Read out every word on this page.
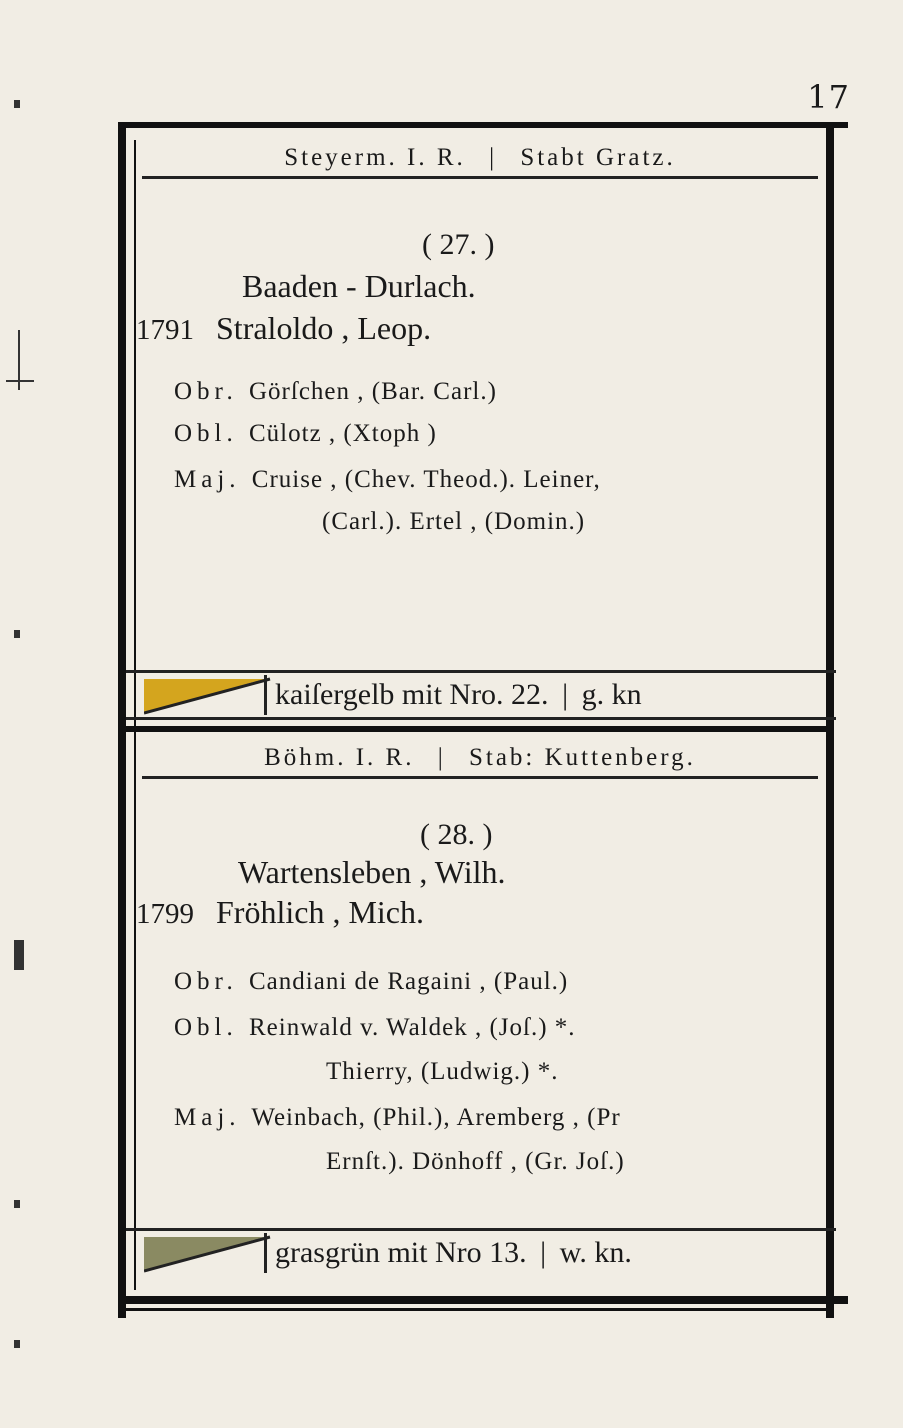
17
Steyerm. I. R. | Stabt Gratz.
( 27. )
Baaden - Durlach.
1791 Straloldo , Leop.
Obr. Görſchen , (Bar. Carl.)
Obl. Cülotz , (Xtoph )
Maj. Cruise , (Chev. Theod.). Leiner,
(Carl.). Ertel , (Domin.)
kaiſergelb mit Nro. 22. | g. kn
Böhm. I. R. | Stab: Kuttenberg.
( 28. )
Wartensleben , Wilh.
1799 Fröhlich , Mich.
Obr. Candiani de Ragaini , (Paul.)
Obl. Reinwald v. Waldek , (Joſ.) *.
Thierry, (Ludwig.) *.
Maj. Weinbach, (Phil.), Aremberg , (Pr
Ernſt.). Dönhoff , (Gr. Joſ.)
grasgrün mit Nro 13. | w. kn.
